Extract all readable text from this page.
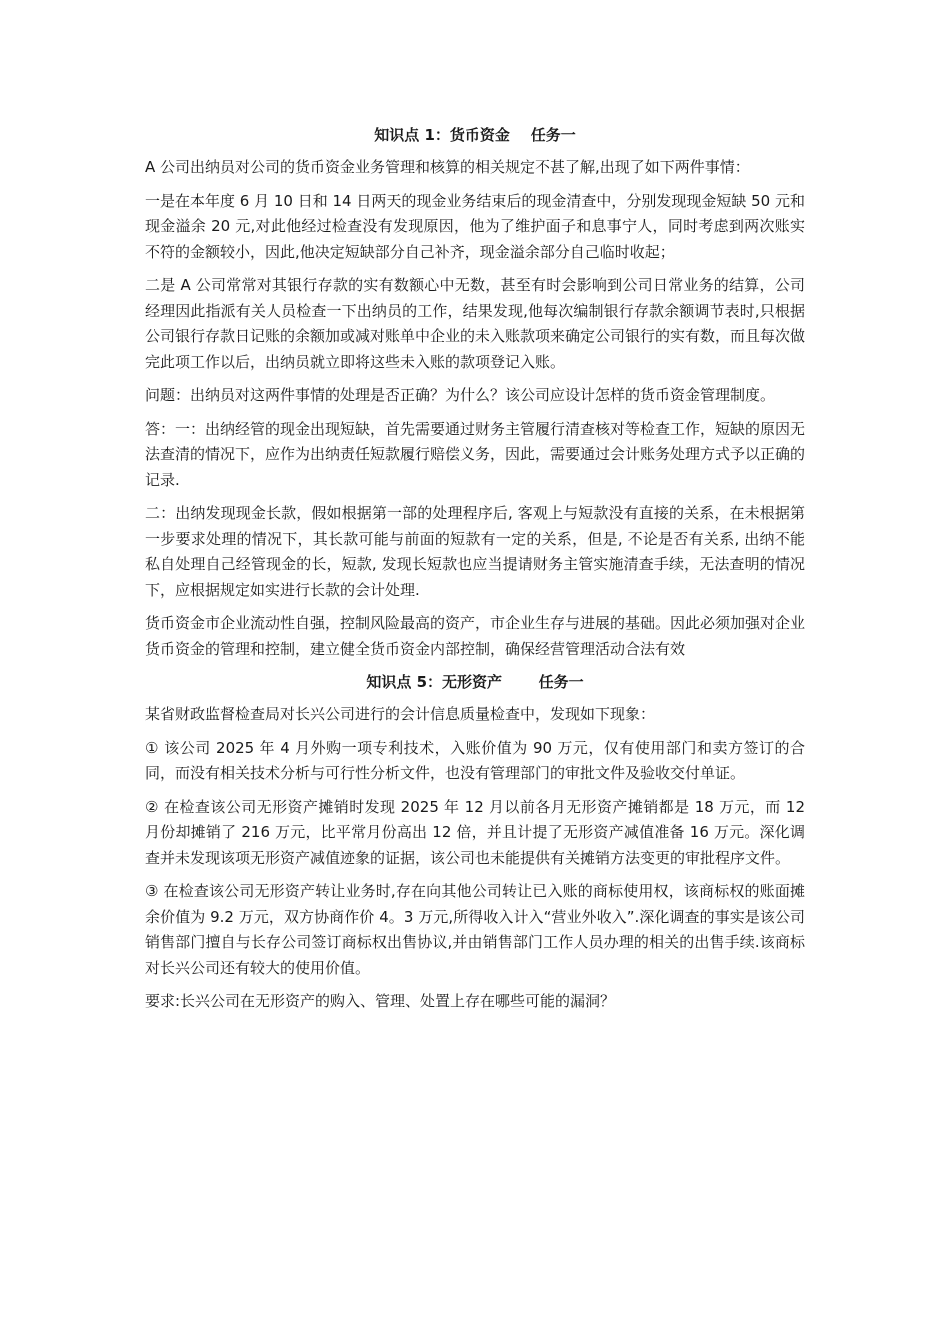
知识点 1：货币资金    任务一

A 公司出纳员对公司的货币资金业务管理和核算的相关规定不甚了解,出现了如下两件事情：

一是在本年度 6 月 10 日和 14 日两天的现金业务结束后的现金清查中，分别发现现金短缺 50 元和现金溢余 20 元,对此他经过检查没有发现原因，他为了维护面子和息事宁人，同时考虑到两次账实不符的金额较小，因此,他决定短缺部分自己补齐，现金溢余部分自己临时收起；

二是 A 公司常常对其银行存款的实有数额心中无数，甚至有时会影响到公司日常业务的结算，公司经理因此指派有关人员检查一下出纳员的工作，结果发现,他每次编制银行存款余额调节表时,只根据公司银行存款日记账的余额加或减对账单中企业的未入账款项来确定公司银行的实有数，而且每次做完此项工作以后，出纳员就立即将这些未入账的款项登记入账。

问题：出纳员对这两件事情的处理是否正确？为什么？该公司应设计怎样的货币资金管理制度。

答：一：出纳经管的现金出现短缺，首先需要通过财务主管履行清查核对等检查工作，短缺的原因无法查清的情况下，应作为出纳责任短款履行赔偿义务，因此，需要通过会计账务处理方式予以正确的记录.

二：出纳发现现金长款，假如根据第一部的处理程序后, 客观上与短款没有直接的关系，在未根据第一步要求处理的情况下，其长款可能与前面的短款有一定的关系，但是, 不论是否有关系, 出纳不能私自处理自己经管现金的长，短款, 发现长短款也应当提请财务主管实施清查手续，无法查明的情况下，应根据规定如实进行长款的会计处理.

货币资金市企业流动性自强，控制风险最高的资产，市企业生存与进展的基础。因此必须加强对企业货币资金的管理和控制，建立健全货币资金内部控制，确保经营管理活动合法有效

知识点 5：无形资产       任务一

某省财政监督检查局对长兴公司进行的会计信息质量检查中，发现如下现象：

① 该公司 2025 年 4 月外购一项专利技术，入账价值为 90 万元，仅有使用部门和卖方签订的合同，而没有相关技术分析与可行性分析文件，也没有管理部门的审批文件及验收交付单证。

② 在检查该公司无形资产摊销时发现 2025 年 12 月以前各月无形资产摊销都是 18 万元，而 12 月份却摊销了 216 万元，比平常月份高出 12 倍，并且计提了无形资产减值准备 16 万元。深化调查并未发现该项无形资产减值迹象的证据，该公司也未能提供有关摊销方法变更的审批程序文件。

③ 在检查该公司无形资产转让业务时,存在向其他公司转让已入账的商标使用权，该商标权的账面摊余价值为 9.2 万元，双方协商作价 4。3 万元,所得收入计入“营业外收入”.深化调查的事实是该公司销售部门擅自与长存公司签订商标权出售协议,并由销售部门工作人员办理的相关的出售手续.该商标对长兴公司还有较大的使用价值。

要求:长兴公司在无形资产的购入、管理、处置上存在哪些可能的漏洞？
